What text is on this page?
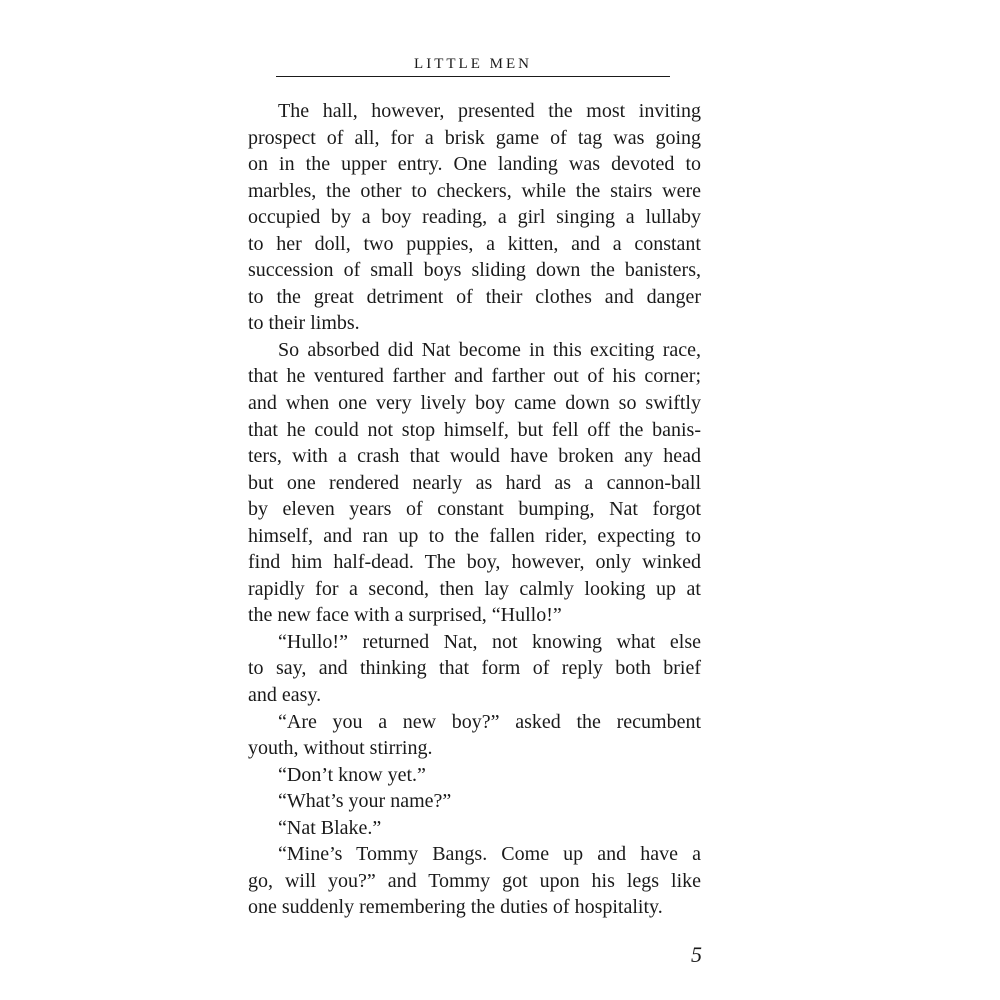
LITTLE MEN
The hall, however, presented the most inviting
prospect of all, for a brisk game of tag was going
on in the upper entry. One landing was devoted to
marbles, the other to checkers, while the stairs were
occupied by a boy reading, a girl singing a lullaby
to her doll, two puppies, a kitten, and a constant
succession of small boys sliding down the banisters,
to the great detriment of their clothes and danger
to their limbs.
So absorbed did Nat become in this exciting race,
that he ventured farther and farther out of his corner;
and when one very lively boy came down so swiftly
that he could not stop himself, but fell off the banis-
ters, with a crash that would have broken any head
but one rendered nearly as hard as a cannon-ball
by eleven years of constant bumping, Nat forgot
himself, and ran up to the fallen rider, expecting to
find him half-dead. The boy, however, only winked
rapidly for a second, then lay calmly looking up at
the new face with a surprised, “Hullo!”
“Hullo!” returned Nat, not knowing what else
to say, and thinking that form of reply both brief
and easy.
“Are you a new boy?” asked the recumbent
youth, without stirring.
“Don’t know yet.”
“What’s your name?”
“Nat Blake.”
“Mine’s Tommy Bangs. Come up and have a
go, will you?” and Tommy got upon his legs like
one suddenly remembering the duties of hospitality.
5
